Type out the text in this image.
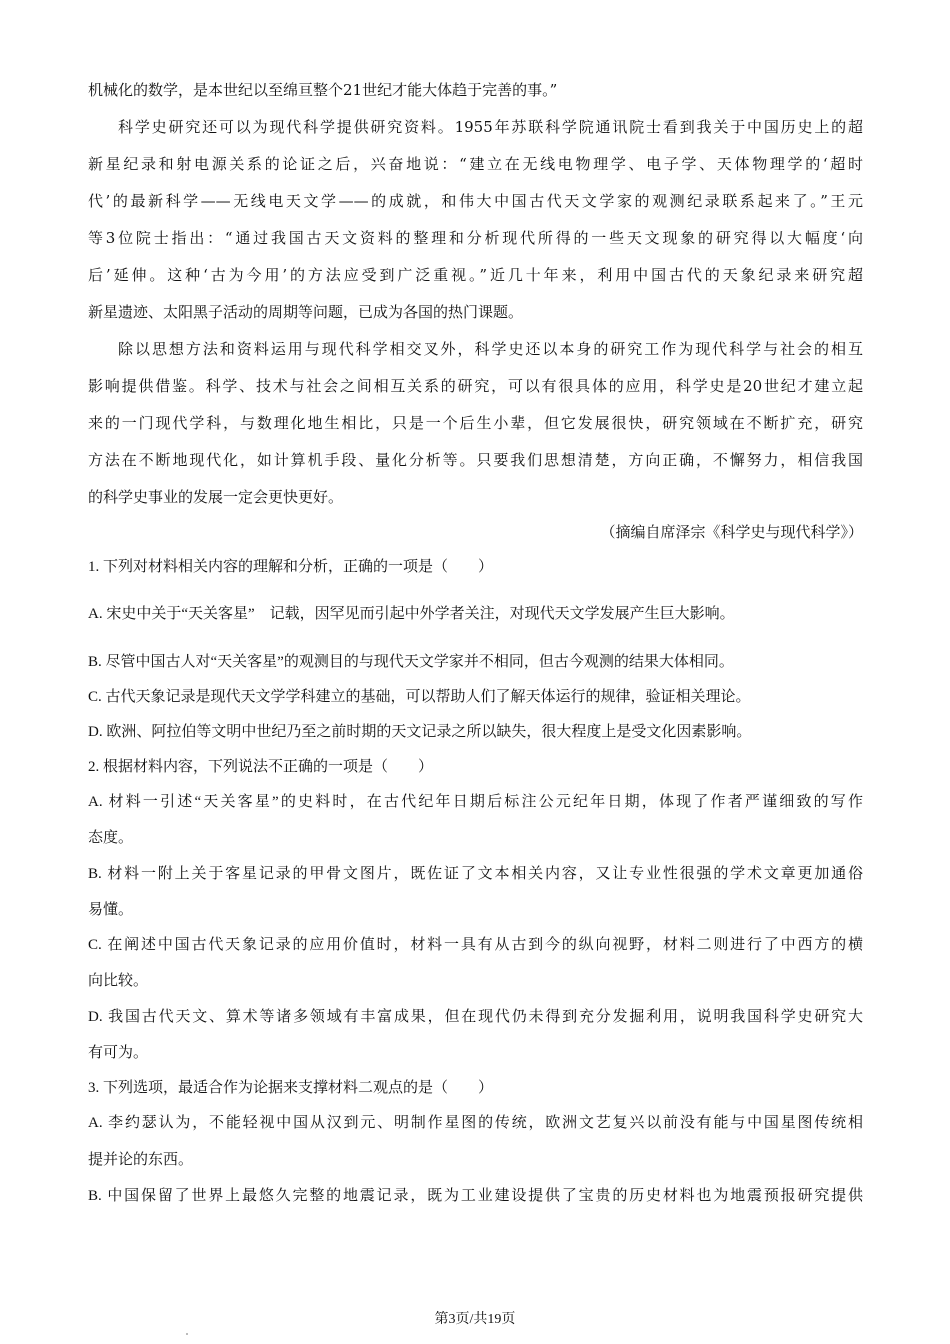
机械化的数学，是本世纪以至绵亘整个21世纪才能大体趋于完善的事。”
科学史研究还可以为现代科学提供研究资料。1955年苏联科学院通讯院士看到我关于中国历史上的超
新星纪录和射电源关系的论证之后，兴奋地说：“建立在无线电物理学、电子学、天体物理学的‘超时
代’的最新科学——无线电天文学——的成就，和伟大中国古代天文学家的观测纪录联系起来了。”王元
等3位院士指出：“通过我国古天文资料的整理和分析现代所得的一些天文现象的研究得以大幅度‘向
后’延伸。这种‘古为今用’的方法应受到广泛重视。”近几十年来，利用中国古代的天象纪录来研究超
新星遗迹、太阳黑子活动的周期等问题，已成为各国的热门课题。
除以思想方法和资料运用与现代科学相交叉外，科学史还以本身的研究工作为现代科学与社会的相互
影响提供借鉴。科学、技术与社会之间相互关系的研究，可以有很具体的应用，科学史是20世纪才建立起
来的一门现代学科，与数理化地生相比，只是一个后生小辈，但它发展很快，研究领域在不断扩充，研究
方法在不断地现代化，如计算机手段、量化分析等。只要我们思想清楚，方向正确，不懈努力，相信我国
的科学史事业的发展一定会更快更好。
（摘编自席泽宗《科学史与现代科学》）
1. 下列对材料相关内容的理解和分析，正确的一项是（　　）
A. 宋史中关于“天关客星”　记载，因罕见而引起中外学者关注，对现代天文学发展产生巨大影响。
B. 尽管中国古人对“天关客星”的观测目的与现代天文学家并不相同，但古今观测的结果大体相同。
C. 古代天象记录是现代天文学学科建立的基础，可以帮助人们了解天体运行的规律，验证相关理论。
D. 欧洲、阿拉伯等文明中世纪乃至之前时期的天文记录之所以缺失，很大程度上是受文化因素影响。
2. 根据材料内容，下列说法不正确的一项是（　　）
A. 材料一引述“天关客星”的史料时，在古代纪年日期后标注公元纪年日期，体现了作者严谨细致的写作
态度。
B. 材料一附上关于客星记录的甲骨文图片，既佐证了文本相关内容，又让专业性很强的学术文章更加通俗
易懂。
C. 在阐述中国古代天象记录的应用价值时，材料一具有从古到今的纵向视野，材料二则进行了中西方的横
向比较。
D. 我国古代天文、算术等诸多领域有丰富成果，但在现代仍未得到充分发掘利用，说明我国科学史研究大
有可为。
3. 下列选项，最适合作为论据来支撑材料二观点的是（　　）
A. 李约瑟认为，不能轻视中国从汉到元、明制作星图的传统，欧洲文艺复兴以前没有能与中国星图传统相
提并论的东西。
B. 中国保留了世界上最悠久完整的地震记录，既为工业建设提供了宝贵的历史材料也为地震预报研究提供
第3页/共19页
